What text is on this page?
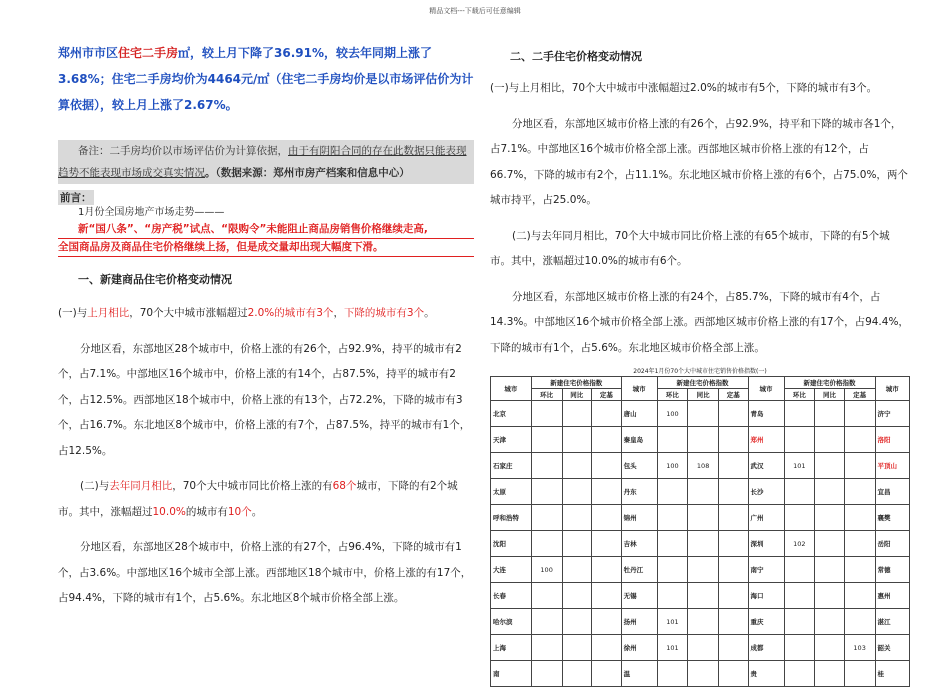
精品文档---下载后可任意编辑

郑州市市区住宅二手房㎡，较上月下降了36.91%，较去年同期上涨了3.68%；住宅二手房均价为4464元/㎡（住宅二手房均价是以市场评估价为计算依据），较上月上涨了2.67%。

备注：二手房均价以市场评估价为计算依据，由于有阴阳合同的存在此数据只能表现趋势不能表现市场成交真实情况。（数据来源：郑州市房产档案和信息中心）

前言：

1月份全国房地产市场走势———

新“国八条”、“房产税”试点、“限购令”未能阻止商品房销售价格继续走高,

全国商品房及商品住宅价格继续上扬，但是成交量却出现大幅度下滑。

一、新建商品住宅价格变动情况

(一)与上月相比，70个大中城市涨幅超过2.0%的城市有3个，下降的城市有3个。

分地区看，东部地区28个城市中，价格上涨的有26个，占92.9%，持平的城市有2个，占7.1%。中部地区16个城市中，价格上涨的有14个，占87.5%，持平的城市有2个，占12.5%。西部地区18个城市中，价格上涨的有13个，占72.2%，下降的城市有3个，占16.7%。东北地区8个城市中，价格上涨的有7个，占87.5%，持平的城市有1个，占12.5%。

(二)与去年同月相比，70个大中城市同比价格上涨的有68个城市，下降的有2个城市。其中，涨幅超过10.0%的城市有10个。

分地区看，东部地区28个城市中，价格上涨的有27个，占96.4%，下降的城市有1个，占3.6%。中部地区16个城市全部上涨。西部地区18个城市中，价格上涨的有17个，占94.4%，下降的城市有1个，占5.6%。东北地区8个城市价格全部上涨。

二、二手住宅价格变动情况

(一)与上月相比，70个大中城市中涨幅超过2.0%的城市有5个，下降的城市有3个。

分地区看，东部地区城市价格上涨的有26个，占92.9%，持平和下降的城市各1个，占7.1%。中部地区16个城市价格全部上涨。西部地区城市价格上涨的有12个，占66.7%，下降的城市有2个，占11.1%。东北地区城市价格上涨的有6个，占75.0%，两个城市持平，占25.0%。

(二)与去年同月相比，70个大中城市同比价格上涨的有65个城市，下降的有5个城市。其中，涨幅超过10.0%的城市有6个。

分地区看，东部地区城市价格上涨的有24个，占85.7%，下降的城市有4个，占14.3%。中部地区16个城市价格全部上涨。西部地区城市价格上涨的有17个，占94.4%，下降的城市有1个，占5.6%。东北地区城市价格全部上涨。

2024年1月份70个大中城市住宅销售价格指数(一)
城市	新建住宅价格指数			城市	新建住宅价格指数			城市	新建住宅价格指数			城市
	环比	同比	定基		环比	同比	定基		环比	同比	定基	
北京				唐山	100			青岛				济宁
天津				秦皇岛				郑州				洛阳
石家庄				包头	100	108		武汉	101			平顶山
太原				丹东				长沙				宜昌
呼和浩特				锦州				广州				襄樊
沈阳				吉林				深圳	102			岳阳
大连	100			牡丹江				南宁				常德
长春				无锡				海口				惠州
哈尔滨				扬州	101			重庆				湛江
上海				徐州	101			成都			103	韶关
南				温				贵				桂
